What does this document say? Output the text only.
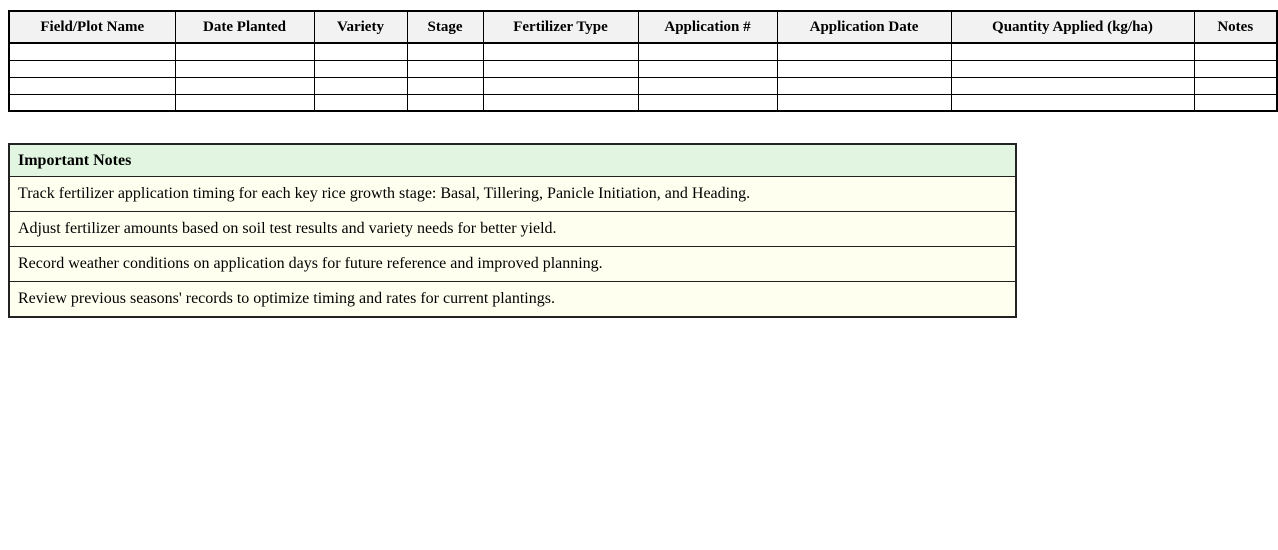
Field/Plot Name	Date Planted	Variety	Stage	Fertilizer Type	Application #	Application Date	Quantity Applied (kg/ha)	Notes

Important Notes
Track fertilizer application timing for each key rice growth stage: Basal, Tillering, Panicle Initiation, and Heading.
Adjust fertilizer amounts based on soil test results and variety needs for better yield.
Record weather conditions on application days for future reference and improved planning.
Review previous seasons' records to optimize timing and rates for current plantings.
